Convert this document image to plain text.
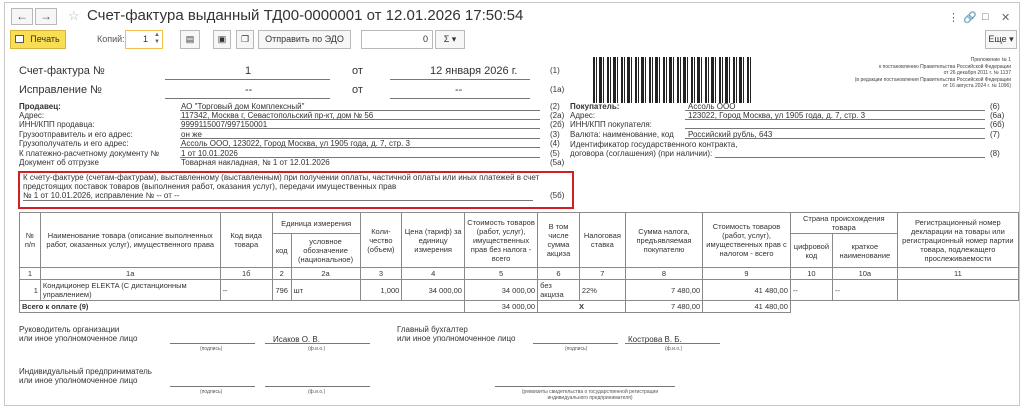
←	→	☆ Счет-фактура выданный ТД00-0000001 от 12.01.2026 17:50:54	⋮ 🔗 □ ✕
Печать	Копий: 1 ▲
▼	▤	▣	❐	Отправить по ЭДО	0	Σ ▾	Еще ▾
Счет-фактура №	1	от	12 января 2026 г.	(1)
Исправление №	--	от	--	(1а)
Приложение № 1
к постановлению Правительства Российской Федерации
от 26 декабря 2011 г. № 1137
(в редакции постановления Правительства Российской Федерации
от 16 августа 2024 г. № 1096)
Продавец:	АО "Торговый дом Комплексный"	(2)
Адрес:	117342, Москва г, Севастопольский пр-кт, дом № 56	(2а)
ИНН/КПП продавца:	9999115007/997150001	(2б)
Грузоотправитель и его адрес:	он же	(3)
Грузополучатель и его адрес:	Ассоль ООО, 123022, Город Москва, ул 1905 года, д. 7, стр. 3	(4)
К платежно-расчетному документу №	1 от 10.01.2026	(5)
Документ об отгрузке	Товарная накладная, № 1 от 12.01.2026	(5а)
Покупатель:	Ассоль ООО	(6)
Адрес:	123022, Город Москва, ул 1905 года, д. 7, стр. 3	(6а)
ИНН/КПП покупателя:	(6б)
Валюта: наименование, код Российский рубль, 643	(7)
Идентификатор государственного контракта,
договора (соглашения) (при наличии):	(8)
К счету-фактуре (счетам-фактурам), выставленному (выставленным) при получении оплаты, частичной оплаты или иных платежей в счет
предстоящих поставок товаров (выполнения работ, оказания услуг), передачи имущественных прав
№ 1 от 10.01.2026, исправление № -- от --	(5б)
№ п/п	Наименование товара (описание выполненных работ, оказанных услуг), имущественного права	Код вида товара	Единица измерения		Коли-чество (объем)	Цена (тариф) за единицу измерения	Стоимость товаров (работ, услуг), имущественных прав без налога - всего	В том числе сумма акциза	Налоговая ставка	Сумма налога, предъявляемая покупателю	Стоимость товаров (работ, услуг), имущественных прав с налогом - всего	Страна происхождения товара		Регистрационный номер декларации на товары или регистрационный номер партии товара, подлежащего прослеживаемости
			код	условное обозначение (национальное)								цифровой код	краткое наименование	
1	1а	1б	2	2а	3	4	5	6	7	8	9	10	10а	11
1	Кондиционер ELEKTA (С дистанционным управлением)	--	796	шт	1,000	34 000,00	34 000,00	без акциза	22%	7 480,00	41 480,00	--	--	
Всего к оплате (9)							34 000,00	X		7 480,00	41 480,00			
Руководитель организации
или иное уполномоченное лицо
(подпись)
Исаков О. В.
(ф.и.о.)
Главный бухгалтер
или иное уполномоченное лицо
(подпись)
Кострова В. Б.
(ф.и.о.)
Индивидуальный предприниматель
или иное уполномоченное лицо
(подпись)	(ф.и.о.)	(реквизиты свидетельства о государственной регистрации индивидуального предпринимателя)
